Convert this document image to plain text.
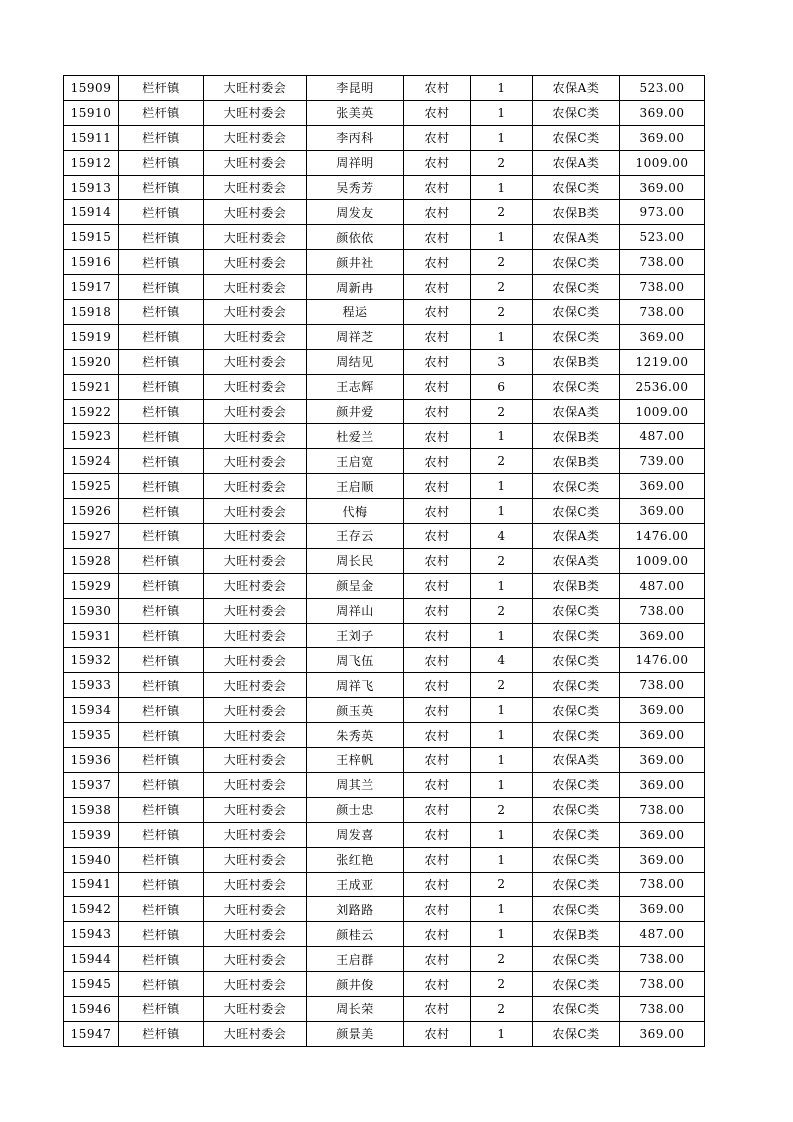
15909	栏杆镇	大旺村委会	李昆明	农村	1	农保A类	523.00
15910	栏杆镇	大旺村委会	张美英	农村	1	农保C类	369.00
15911	栏杆镇	大旺村委会	李丙科	农村	1	农保C类	369.00
15912	栏杆镇	大旺村委会	周祥明	农村	2	农保A类	1009.00
15913	栏杆镇	大旺村委会	吴秀芳	农村	1	农保C类	369.00
15914	栏杆镇	大旺村委会	周发友	农村	2	农保B类	973.00
15915	栏杆镇	大旺村委会	颜依依	农村	1	农保A类	523.00
15916	栏杆镇	大旺村委会	颜井社	农村	2	农保C类	738.00
15917	栏杆镇	大旺村委会	周新冉	农村	2	农保C类	738.00
15918	栏杆镇	大旺村委会	程运	农村	2	农保C类	738.00
15919	栏杆镇	大旺村委会	周祥芝	农村	1	农保C类	369.00
15920	栏杆镇	大旺村委会	周结见	农村	3	农保B类	1219.00
15921	栏杆镇	大旺村委会	王志辉	农村	6	农保C类	2536.00
15922	栏杆镇	大旺村委会	颜井爱	农村	2	农保A类	1009.00
15923	栏杆镇	大旺村委会	杜爱兰	农村	1	农保B类	487.00
15924	栏杆镇	大旺村委会	王启宽	农村	2	农保B类	739.00
15925	栏杆镇	大旺村委会	王启顺	农村	1	农保C类	369.00
15926	栏杆镇	大旺村委会	代梅	农村	1	农保C类	369.00
15927	栏杆镇	大旺村委会	王存云	农村	4	农保A类	1476.00
15928	栏杆镇	大旺村委会	周长民	农村	2	农保A类	1009.00
15929	栏杆镇	大旺村委会	颜呈金	农村	1	农保B类	487.00
15930	栏杆镇	大旺村委会	周祥山	农村	2	农保C类	738.00
15931	栏杆镇	大旺村委会	王刘子	农村	1	农保C类	369.00
15932	栏杆镇	大旺村委会	周飞伍	农村	4	农保C类	1476.00
15933	栏杆镇	大旺村委会	周祥飞	农村	2	农保C类	738.00
15934	栏杆镇	大旺村委会	颜玉英	农村	1	农保C类	369.00
15935	栏杆镇	大旺村委会	朱秀英	农村	1	农保C类	369.00
15936	栏杆镇	大旺村委会	王梓帆	农村	1	农保A类	369.00
15937	栏杆镇	大旺村委会	周其兰	农村	1	农保C类	369.00
15938	栏杆镇	大旺村委会	颜士忠	农村	2	农保C类	738.00
15939	栏杆镇	大旺村委会	周发喜	农村	1	农保C类	369.00
15940	栏杆镇	大旺村委会	张红艳	农村	1	农保C类	369.00
15941	栏杆镇	大旺村委会	王成亚	农村	2	农保C类	738.00
15942	栏杆镇	大旺村委会	刘路路	农村	1	农保C类	369.00
15943	栏杆镇	大旺村委会	颜桂云	农村	1	农保B类	487.00
15944	栏杆镇	大旺村委会	王启群	农村	2	农保C类	738.00
15945	栏杆镇	大旺村委会	颜井俊	农村	2	农保C类	738.00
15946	栏杆镇	大旺村委会	周长荣	农村	2	农保C类	738.00
15947	栏杆镇	大旺村委会	颜景美	农村	1	农保C类	369.00
